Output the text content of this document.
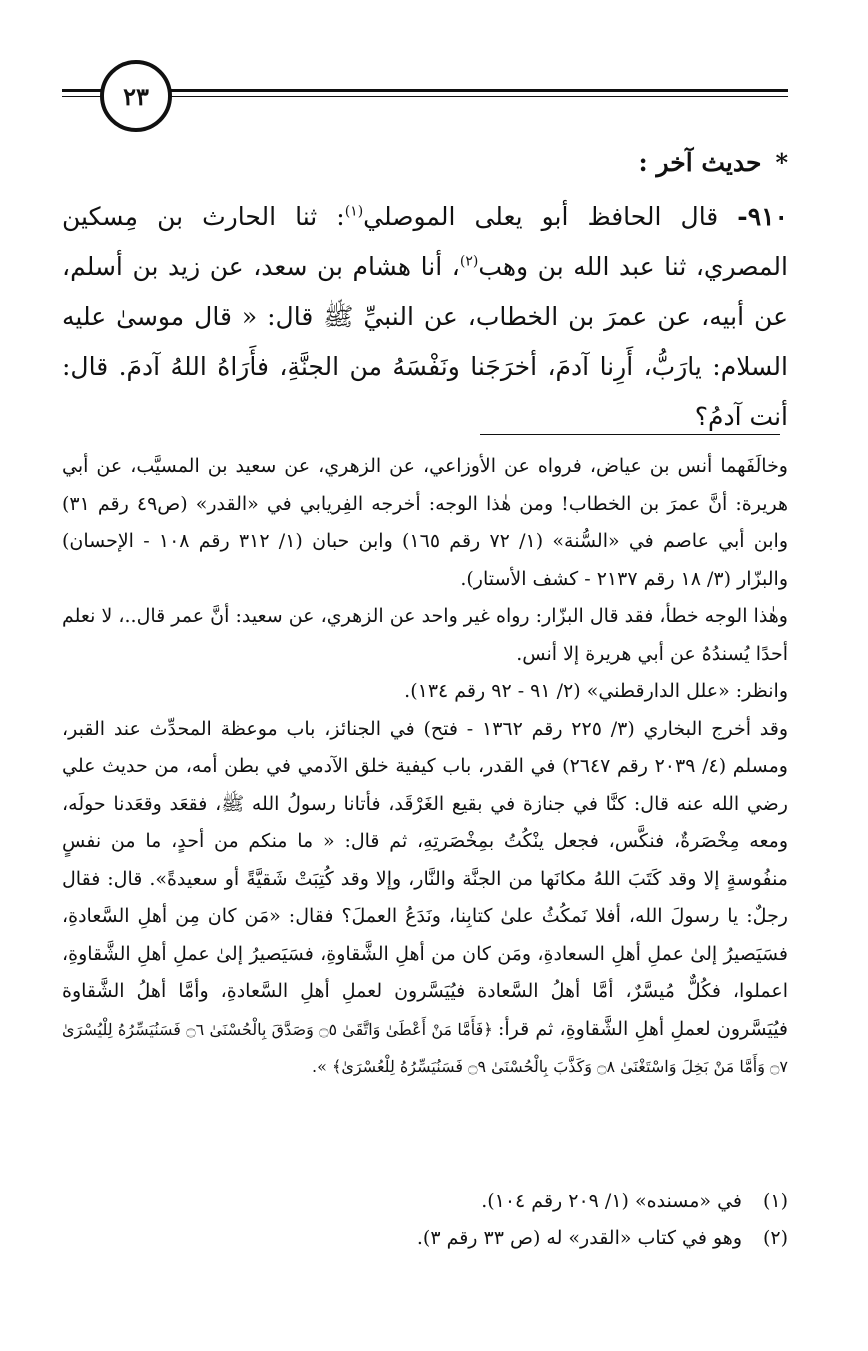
٢٣
*حديث آخر :

٩١٠- قال الحافظ أبو يعلى الموصلي$^{(١)}$: ثنا الحارث بن مِسكين المصري، ثنا عبد الله بن وهب$^{(٢)}$، أنا هشام بن سعد، عن زيد بن أسلم، عن أبيه، عن عمرَ بن الخطاب، عن النبيِّ ﷺ قال: « قال موسىٰ عليه السلام: يارَبُّ، أَرِنا آدمَ، أخرَجَنا ونَفْسَهُ من الجنَّةِ، فأَرَاهُ اللهُ آدمَ. قال: أنت آدمُ؟

وخالَفَهما أنس بن عياض، فرواه عن الأوزاعي، عن الزهري، عن سعيد بن المسيَّب، عن أبي هريرة: أنَّ عمرَ بن الخطاب! ومن هٰذا الوجه: أخرجه الفِريابي في «القدر» (ص٤٩ رقم ٣١) وابن أبي عاصم في «السُّنة» (١/ ٧٢ رقم ١٦٥) وابن حبان (١/ ٣١٢ رقم ١٠٨ - الإحسان) والبزّار (٣/ ١٨ رقم ٢١٣٧ - كشف الأستار).

وهٰذا الوجه خطأ، فقد قال البزّار: رواه غير واحد عن الزهري، عن سعيد: أنَّ عمر قال..، لا نعلم أحدًا يُسندُهُ عن أبي هريرة إلا أنس.

وانظر: «علل الدارقطني» (٢/ ٩١ - ٩٢ رقم ١٣٤).

وقد أخرج البخاري (٣/ ٢٢٥ رقم ١٣٦٢ - فتح) في الجنائز، باب موعظة المحدِّث عند القبر، ومسلم (٤/ ٢٠٣٩ رقم ٢٦٤٧) في القدر، باب كيفية خلق الآدمي في بطن أمه، من حديث علي رضي الله عنه قال: كنَّا في جنازة في بقيع الغَرْقَد، فأتانا رسولُ الله ﷺ، فقعَد وقعَدنا حولَه، ومعه مِخْصَرةٌ، فنكَّس، فجعل ينْكُتُ بمِخْصَرتِهِ، ثم قال: « ما منكم من أحدٍ، ما من نفسٍ منفُوسةٍ إلا وقد كَتَبَ اللهُ مكانَها من الجنَّة والنَّار، وإلا وقد كُتِبَتْ شَقيَّةً أو سعيدةً». قال: فقال رجلٌ: يا رسولَ الله، أفلا نَمكُثُ علىٰ كتابِنا، ونَدَعُ العملَ؟ فقال: «مَن كان مِن أهلِ السَّعادةِ، فسَيَصيرُ إلىٰ عملِ أهلِ السعادةِ، ومَن كان من أهلِ الشَّقاوةِ، فسَيَصيرُ إلىٰ عملِ أهلِ الشَّقاوةِ، اعملوا، فكُلٌّ مُيسَّرٌ، أمَّا أهلُ السَّعادة فيُيَسَّرون لعملِ أهلِ السَّعادةِ، وأمَّا أهلُ الشَّقاوة فيُيَسَّرون لعملِ أهلِ الشَّقاوةِ، ثم قرأ: ﴿فَأَمَّا مَنْ أَعْطَىٰ وَاتَّقَىٰ ۝٥ وَصَدَّقَ بِالْحُسْنَىٰ ۝٦ فَسَنُيَسِّرُهُ لِلْيُسْرَىٰ ۝٧ وَأَمَّا مَنْ بَخِلَ وَاسْتَغْنَىٰ ۝٨ وَكَذَّبَ بِالْحُسْنَىٰ ۝٩ فَسَنُيَسِّرُهُ لِلْعُسْرَىٰ﴾ ».

(١)
في «مسنده» (١/ ٢٠٩ رقم ١٠٤).
(٢)
وهو في كتاب «القدر» له (ص ٣٣ رقم ٣).
